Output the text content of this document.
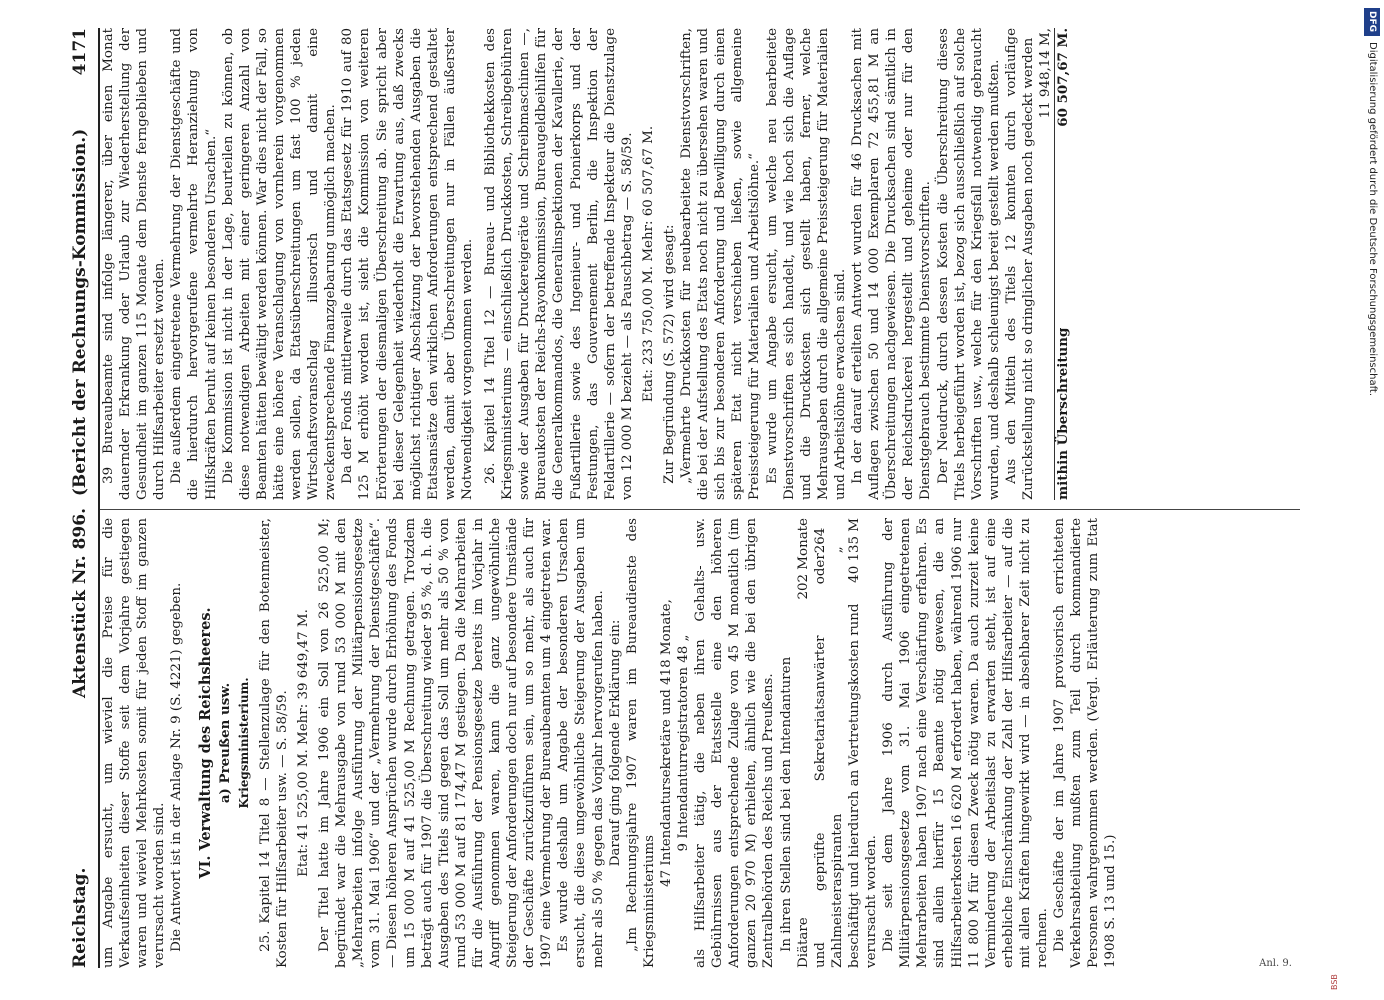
Reichstag.
Aktenstück Nr. 896.  (Bericht der Rechnungs-Kommission.)
4171

um Angabe ersucht, um wieviel die Preise für die Verkaufseinheiten dieser Stoffe seit dem Vorjahre gestiegen waren und wieviel Mehrkosten somit für jeden Stoff im ganzen verursacht worden sind. Die Antwort ist in der Anlage Nr. 9 (S. 4221) gegeben. VI. Verwaltung des Reichsheeres. a) Preußen usw. Kriegsministerium. 25. Kapitel 14 Titel 8 — Stellenzulage für den Botenmeister, Kosten für Hilfsarbeiter usw. — S. 58/59. Etat: 41 525,00 M. Mehr: 39 649,47 M. Der Titel hatte im Jahre 1906 ein Soll von 26 525,00 M; begründet war die Mehrausgabe von rund 53 000 M mit den „Mehrarbeiten infolge Ausführung der Militärpensionsgesetze vom 31. Mai 1906“ und der „Vermehrung der Dienstgeschäfte“. — Diesen höheren Ansprüchen wurde durch Erhöhung des Fonds um 15 000 M auf 41 525,00 M Rechnung getragen. Trotzdem beträgt auch für 1907 die Überschreitung wieder 95 %, d. h. die Ausgaben des Titels sind gegen das Soll um mehr als 50 % von rund 53 000 M auf 81 174,47 M gestiegen. Da die Mehrarbeiten für die Ausführung der Pensionsgesetze bereits im Vorjahr in Angriff genommen waren, kann die ganz ungewöhnliche Steigerung der Anforderungen doch nur auf besondere Umstände der Geschäfte zurückzuführen sein, um so mehr, als auch für 1907 eine Vermehrung der Bureaubeamten um 4 eingetreten war. Es wurde deshalb um Angabe der besonderen Ursachen ersucht, die diese ungewöhnliche Steigerung der Ausgaben um mehr als 50 % gegen das Vorjahr hervorgerufen haben. Darauf ging folgende Erklärung ein: „Im Rechnungsjahre 1907 waren im Bureaudienste des Kriegsministeriums

47 Intendantursekretäre und 418 Monate, 9 Intendanturregistratoren 48 „ als Hilfsarbeiter tätig, die neben ihren Gehalts- usw. Gebührnissen aus der Etatsstelle eine den höheren Anforderungen entsprechende Zulage von 45 M monatlich (im ganzen 20 970 M) erhielten, ähnlich wie die bei den übrigen Zentralbehörden des Reichs und Preußens. In ihren Stellen sind bei den Intendanturen Diätare
202 Monate und geprüfte Sekretariatsanwärter oder Zahlmeisteraspiranten
264 „
beschäftigt und hierdurch an Vertretungskosten rund
40 135 M

verursacht worden. Die seit dem Jahre 1906 durch Ausführung der Militärpensionsgesetze vom 31. Mai 1906 eingetretenen Mehrarbeiten haben 1907 nach eine Verschärfung erfahren. Es sind allein hierfür 15 Beamte nötig gewesen, die an Hilfsarbeiterkosten 16 620 M erfordert haben, während 1906 nur 11 800 M für diesen Zweck nötig waren. Da auch zurzeit keine Verminderung der Arbeitslast zu erwarten steht, ist auf eine erhebliche Einschränkung der Zahl der Hilfsarbeiter — auf die mit allen Kräften hingewirkt wird — in absehbarer Zeit nicht zu rechnen. Die Geschäfte der im Jahre 1907 provisorisch errichteten Verkehrsabteilung mußten zum Teil durch kommandierte Personen wahrgenommen werden. (Vergl. Erläuterung zum Etat 1908 S. 13 und 15.)

39 Bureaubeamte sind infolge längerer, über einen Monat dauernder Erkrankung oder Urlaub zur Wiederherstellung der Gesundheit im ganzen 115 Monate dem Dienste ferngeblieben und durch Hilfsarbeiter ersetzt worden. Die außerdem eingetretene Vermehrung der Dienstgeschäfte und die hierdurch hervorgerufene vermehrte Heranziehung von Hilfskräften beruht auf keinen besonderen Ursachen.“ Die Kommission ist nicht in der Lage, beurteilen zu können, ob diese notwendigen Arbeiten mit einer geringeren Anzahl von Beamten hätten bewältigt werden können. War dies nicht der Fall, so hätte eine höhere Veranschlagung von vornherein vorgenommen werden sollen, da Etatsüberschreitungen um fast 100 % jeden Wirtschaftsvoranschlag illusorisch und damit eine zweckentsprechende Finanzgebarung unmöglich machen. Da der Fonds mittlerweile durch das Etatsgesetz für 1910 auf 80 125 M erhöht worden ist, sieht die Kommission von weiteren Erörterungen der diesmaligen Überschreitung ab. Sie spricht aber bei dieser Gelegenheit wiederholt die Erwartung aus, daß zwecks möglichst richtiger Abschätzung der bevorstehenden Ausgaben die Etatsansätze den wirklichen Anforderungen entsprechend gestaltet werden, damit aber Überschreitungen nur in Fällen äußerster Notwendigkeit vorgenommen werden. 26. Kapitel 14 Titel 12 — Bureau- und Bibliothekkosten des Kriegsministeriums — einschließlich Druckkosten, Schreibgebühren sowie der Ausgaben für Druckereigeräte und Schreibmaschinen —, Bureaukosten der Reichs-Rayonkommission, Bureaugeldbeihilfen für die Generalkommandos, die Generalinspektionen der Kavallerie, der Fußartillerie sowie des Ingenieur- und Pionierkorps und der Festungen, das Gouvernement Berlin, die Inspektion der Feldartillerie — sofern der betreffende Inspekteur die Dienstzulage von 12 000 M bezieht — als Pauschbetrag — S. 58/59. Etat: 233 750,00 M. Mehr: 60 507,67 M. Zur Begründung (S. 572) wird gesagt: „Vermehrte Druckkosten für neubearbeitete Dienstvorschriften, die bei der Aufstellung des Etats noch nicht zu übersehen waren und sich bis zur besonderen Anforderung und Bewilligung durch einen späteren Etat nicht verschieben ließen, sowie allgemeine Preissteigerung für Materialien und Arbeitslöhne.“ Es wurde um Angabe ersucht, um welche neu bearbeitete Dienstvorschriften es sich handelt, und wie hoch sich die Auflage und die Druckkosten sich gestellt haben, ferner, welche Mehrausgaben durch die allgemeine Preissteigerung für Materialien und Arbeitslöhne erwachsen sind. In der darauf erteilten Antwort wurden für 46 Drucksachen mit Auflagen zwischen 50 und 14 000 Exemplaren 72 455,81 M an Überschreitungen nachgewiesen. Die Drucksachen sind sämtlich in der Reichsdruckerei hergestellt und geheime oder nur für den Dienstgebrauch bestimmte Dienstvorschriften. Der Neudruck, durch dessen Kosten die Überschreitung dieses Titels herbeigeführt worden ist, bezog sich ausschließlich auf solche Vorschriften usw., welche für den Kriegsfall notwendig gebraucht wurden, und deshalb schleunigst bereit gestellt werden mußten. Aus den Mitteln des Titels 12 konnten durch vorläufige Zurückstellung nicht so dringlicher Ausgaben noch gedeckt werden 11 948,14 M,
mithin Überschreitung
60 507,67 M.
Anl. 9.
BSB
DFG
Digitalisierung gefördert durch die Deutsche Forschungsgemeinschaft.
